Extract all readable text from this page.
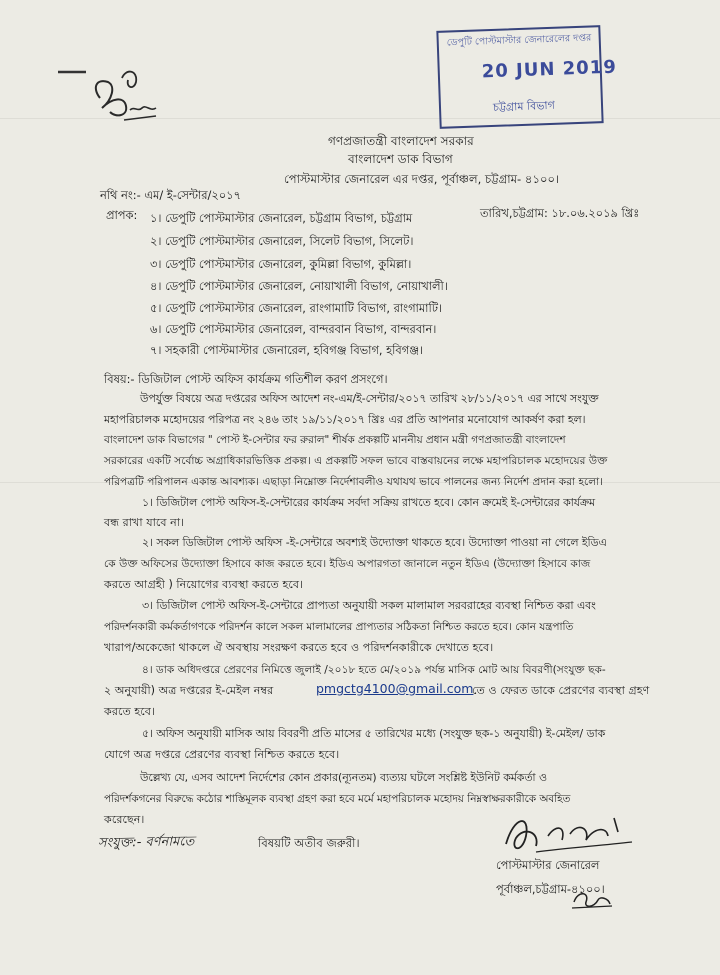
ডেপুটি পোস্টমাস্টার জেনারেলের দপ্তর
20 JUN 2019
চট্টগ্রাম বিভাগ
গণপ্রজাতন্ত্রী বাংলাদেশ সরকার
বাংলাদেশ ডাক বিভাগ
পোস্টমাস্টার জেনারেল এর দপ্তর, পূর্বাঞ্চল, চট্টগ্রাম- ৪১০০।
নথি নং:- এম/ ই-সেন্টার/২০১৭
তারিখ,চট্টগ্রাম: ১৮.০৬.২০১৯ খ্রিঃ
প্রাপক: ১। ডেপুটি পোস্টমাস্টার জেনারেল, চট্টগ্রাম বিভাগ, চট্টগ্রাম
২। ডেপুটি পোস্টমাস্টার জেনারেল, সিলেট বিভাগ, সিলেট।
৩। ডেপুটি পোস্টমাস্টার জেনারেল, কুমিল্লা বিভাগ, কুমিল্লা।
৪। ডেপুটি পোস্টমাস্টার জেনারেল, নোয়াখালী বিভাগ, নোয়াখালী।
৫। ডেপুটি পোস্টমাস্টার জেনারেল, রাংগামাটি বিভাগ, রাংগামাটি।
৬। ডেপুটি পোস্টমাস্টার জেনারেল, বান্দরবান বিভাগ, বান্দরবান।
৭। সহকারী পোস্টমাস্টার জেনারেল, হবিগঞ্জ বিভাগ, হবিগঞ্জ।
বিষয়:- ডিজিটাল পোস্ট অফিস কার্যক্রম গতিশীল করণ প্রসংগে।
উপর্যুক্ত বিষয়ে অত্র দপ্তরের অফিস আদেশ নং-এম/ই-সেন্টার/২০১৭ তারিখ ২৮/১১/২০১৭ এর সাথে সংযুক্ত
মহাপরিচালক মহোদয়ের পরিপত্র নং ২৪৬ তাং ১৯/১১/২০১৭ খ্রিঃ এর প্রতি আপনার মনোযোগ আকর্ষণ করা হল।
বাংলাদেশ ডাক বিভাগের " পোস্ট ই-সেন্টার ফর রুরাল" শীর্ষক প্রকল্পটি মাননীয় প্রধান মন্ত্রী গণপ্রজাতন্ত্রী বাংলাদেশ
সরকারের একটি সর্বোচ্চ অগ্রাধিকারভিত্তিক প্রকল্প। এ প্রকল্পটি সফল ভাবে বাস্তবায়নের লক্ষে মহাপরিচালক মহোদয়ের উক্ত
পরিপত্রটি পরিপালন একান্ত আবশ্যক। এছাড়া নিম্নোক্ত নির্দেশাবলীও যথাযথ ভাবে পালনের জন্য নির্দেশ প্রদান করা হলো।
১। ডিজিটাল পোস্ট অফিস-ই-সেন্টারের কার্যক্রম সর্বদা সক্রিয় রাখতে হবে। কোন ক্রমেই ই-সেন্টারের কার্যক্রম
বন্ধ রাখা যাবে না।
২। সকল ডিজিটাল পোস্ট অফিস -ই-সেন্টারে অবশ্যই উদ্যোক্তা থাকতে হবে। উদ্যোক্তা পাওয়া না গেলে ইডিএ
কে উক্ত অফিসের উদ্যোক্তা হিসাবে কাজ করতে হবে। ইডিএ অপারগতা জানালে নতুন ইডিএ (উদ্যোক্তা হিসাবে কাজ
করতে আগ্রহী ) নিয়োগের ব্যবস্থা করতে হবে।
৩। ডিজিটাল পোস্ট অফিস-ই-সেন্টারে প্রাপ্যতা অনুযায়ী সকল মালামাল সরবরাহের ব্যবস্থা নিশ্চিত করা এবং
পরিদর্শনকারী কর্মকর্তাগণকে পরিদর্শন কালে সকল মালামালের প্রাপ্যতার সঠিকতা নিশ্চিত করতে হবে। কোন যন্ত্রপাতি
খারাপ/অকেজো থাকলে ঐ অবস্থায় সংরক্ষণ করতে হবে ও পরিদর্শনকারীকে দেখাতে হবে।
৪। ডাক অধিদপ্তরে প্রেরণের নিমিত্তে জুলাই /২০১৮ হতে মে/২০১৯ পর্যন্ত মাসিক মোট আয় বিবরণী(সংযুক্ত ছক-
২ অনুযায়ী) অত্র দপ্তরের ই-মেইল নম্বর	pmgctg4100@gmail.com
তে ও ফেরত ডাকে প্রেরণের ব্যবস্থা গ্রহণ
করতে হবে।
৫। অফিস অনুযায়ী মাসিক আয় বিবরণী প্রতি মাসের ৫ তারিখের মধ্যে (সংযুক্ত ছক-১ অনুযায়ী) ই-মেইল/ ডাক
যোগে অত্র দপ্তরে প্রেরণের ব্যবস্থা নিশ্চিত করতে হবে।
উল্লেখ্য যে, এসব আদেশ নির্দেশের কোন প্রকার(ন্যূনতম) ব্যত্যয় ঘটলে সংশ্লিষ্ট ইউনিট কর্মকর্তা ও
পরিদর্শকগনের বিরুদ্ধে কঠোর শাস্তিমূলক ব্যবস্থা গ্রহণ করা হবে মর্মে মহাপরিচালক মহোদয় নিম্নস্বাক্ষরকারীকে অবহিত
করেছেন।
সংযুক্ত:- বর্ণনামতে	বিষয়টি অতীব জরুরী।
পোস্টমাস্টার জেনারেল
পূর্বাঞ্চল,চট্টগ্রাম-৪১০০।
